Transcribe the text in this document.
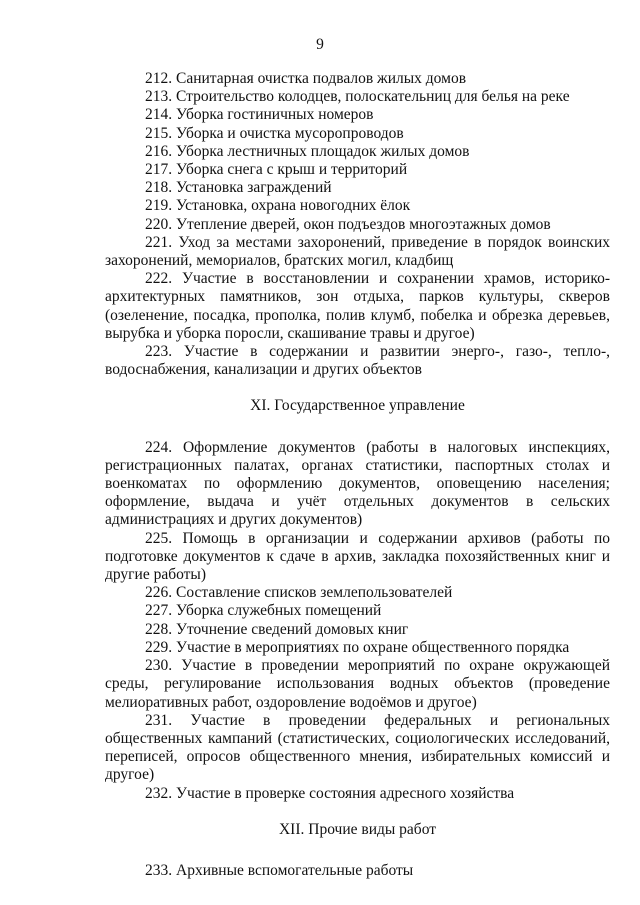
9

212. Санитарная очистка подвалов жилых домов

213. Строительство колодцев, полоскательниц для белья на реке

214. Уборка гостиничных номеров

215. Уборка и очистка мусоропроводов

216. Уборка лестничных площадок жилых домов

217. Уборка снега с крыш и территорий

218. Установка заграждений

219. Установка, охрана новогодних ёлок

220. Утепление дверей, окон подъездов многоэтажных домов

221. Уход за местами захоронений, приведение в порядок воинских захоронений, мемориалов, братских могил, кладбищ

222. Участие в восстановлении и сохранении храмов, историко-архитектурных памятников, зон отдыха, парков культуры, скверов (озеленение, посадка, прополка, полив клумб, побелка и обрезка деревьев, вырубка и уборка поросли, скашивание травы и другое)

223. Участие в содержании и развитии энерго-, газо-, тепло-, водоснабжения, канализации и других объектов

XI. Государственное управление

224. Оформление документов (работы в налоговых инспекциях, регистрационных палатах, органах статистики, паспортных столах и военкоматах по оформлению документов, оповещению населения; оформление, выдача и учёт отдельных документов в сельских администрациях и других документов)

225. Помощь в организации и содержании архивов (работы по подготовке документов к сдаче в архив, закладка похозяйственных книг и другие работы)

226. Составление списков землепользователей

227. Уборка служебных помещений

228. Уточнение сведений домовых книг

229. Участие в мероприятиях по охране общественного порядка

230. Участие в проведении мероприятий по охране окружающей среды, регулирование использования водных объектов (проведение мелиоративных работ, оздоровление водоёмов и другое)

231. Участие в проведении федеральных и региональных общественных кампаний (статистических, социологических исследований, переписей, опросов общественного мнения, избирательных комиссий и другое)

232. Участие в проверке состояния адресного хозяйства

XII. Прочие виды работ

233. Архивные вспомогательные работы
